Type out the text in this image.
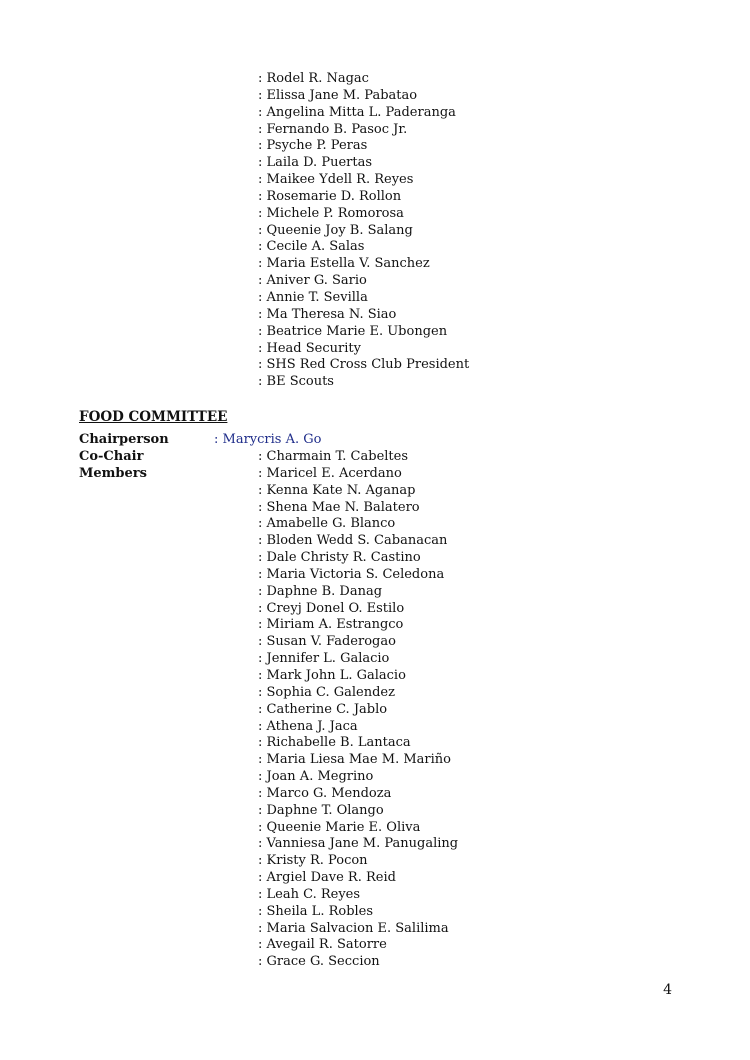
: Rodel R. Nagac
: Elissa Jane M. Pabatao
: Angelina Mitta L. Paderanga
: Fernando B. Pasoc Jr.
: Psyche P. Peras
: Laila D. Puertas
: Maikee Ydell R. Reyes
: Rosemarie D. Rollon
: Michele P. Romorosa
: Queenie Joy B. Salang
: Cecile A. Salas
: Maria Estella V. Sanchez
: Aniver G. Sario
: Annie T. Sevilla
: Ma Theresa N. Siao
: Beatrice Marie E. Ubongen
: Head Security
: SHS Red Cross Club President
: BE Scouts
FOOD COMMITTEE
Chairperson	: Marycris A. Go
Co-Chair
Members
: Charmain T. Cabeltes
: Maricel E. Acerdano
: Kenna Kate N. Aganap
: Shena Mae N. Balatero
: Amabelle G. Blanco
: Bloden Wedd S. Cabanacan
: Dale Christy R. Castino
: Maria Victoria S. Celedona
: Daphne B. Danag
: Creyj Donel O. Estilo
: Miriam A. Estrangco
: Susan V. Faderogao
: Jennifer L. Galacio
: Mark John L. Galacio
: Sophia C. Galendez
: Catherine C. Jablo
: Athena J. Jaca
: Richabelle B. Lantaca
: Maria Liesa Mae M. Mariño
: Joan A. Megrino
: Marco G. Mendoza
: Daphne T. Olango
: Queenie Marie E. Oliva
: Vanniesa Jane M. Panugaling
: Kristy R. Pocon
: Argiel Dave R. Reid
: Leah C. Reyes
: Sheila L. Robles
: Maria Salvacion E. Salilima
: Avegail R. Satorre
: Grace G. Seccion
4
